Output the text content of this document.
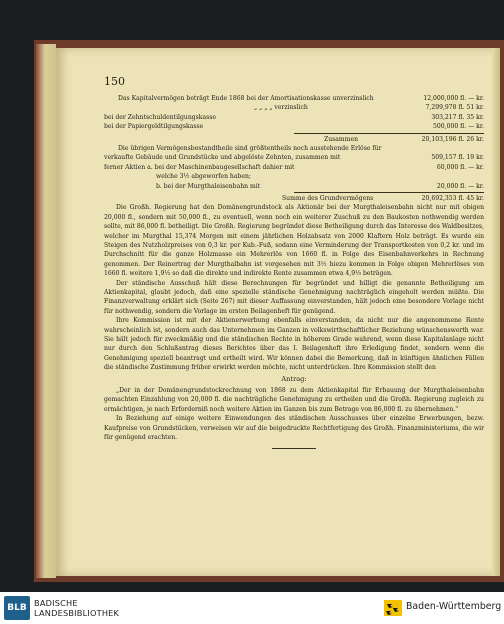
150
Das Kapitalvermögen beträgt Ende 1868 bei der Amortisationskasse unverzinslich	12,000,000 fl. — kr.
„ „ „ „ verzinslich	7,299,978 fl. 51 kr.
bei der Zehntschuldentilgungskasse	303,217 fl. 35 kr.
bei der Papiergeldtilgungskasse	500,000 fl. — kr.
Zusammen	20,103,196 fl. 26 kr.
Die übrigen Vermögensbestandtheile sind größtentheils noch ausstehende Erlöse für
verkaufte Gebäude und Grundstücke und abgelöste Zehnten, zusammen mit	509,157 fl. 19 kr.
ferner Aktien a. bei der Maschinenbaugesellschaft dahier mit	60,000 fl. — kr.
welche 3½ abgeworfen haben;
b. bei der Murgthaleisenbahn mit	20,000 fl. — kr.
Summe des Grundvermögens	20,692,353 fl. 45 kr.

Die Großh. Regierung hat den Domänengrundstock als Aktionär bei der Murgthaleisenbahn nicht nur mit obigen 20,000 fl., sondern mit 50,000 fl., zu eventuell, wenn noch ein weiterer Zuschuß zu den Baukosten nothwendig werden sollte, mit 86,000 fl. betheiligt. Die Großh. Regierung begründet diese Betheiligung durch das Interesse des Waldbesitzes, welcher im Murgthal 15,374 Morgen mit einem jährlichen Holzabsatz von 2000 Klaftern Holz beträgt. Es wurde ein Steigen des Nutzholzpreises von 0,3 kr. per Kub.-Fuß, sodann eine Verminderung der Transportkosten von 0,2 kr. und im Durchschnitt für die ganze Holzmasse ein Mehrerlös von 1660 fl. in Folge des Eisenbahnverkehrs in Rechnung genommen. Der Reinertrag der Murgthalbahn ist vorgesehen mit 3½ hiezu kommen in Folge obigen Mehrerlöses von 1660 fl. weitere 1,9⅓ so daß die direkte und indirekte Rente zusammen etwa 4,9⅓ beträgen.

Der ständische Ausschuß hält diese Berechnungen für begründet und billigt die genannte Betheiligung am Aktienkapital, glaubt jedoch, daß eine spezielle ständische Genehmigung nachträglich eingeholt werden müßte. Die Finanzverwaltung erklärt sich (Seite 267) mit dieser Auffassung einverstanden, hält jedoch eine besondere Vorlage nicht für nothwendig, sondern die Vorlage im ersten Beilagenheft für genügend.

Ihre Kommission ist mit der Aktienerwerbung ebenfalls einverstanden, da nicht nur die angenommene Rente wahrscheinlich ist, sondern auch das Unternehmen im Ganzen in volkswirthschaftlicher Beziehung wünschenswerth war. Sie hält jedoch für zweckmäßig und die ständischen Rechte in höherem Grade wahrend, wenn diese Kapitalanlage nicht nur durch den Schlußantrag dieses Berichtes über das I. Beilagenheft ihre Erledigung findet, sondern wenn die Genehmigung speziell beantragt und ertheilt wird. Wir können dabei die Bemerkung, daß in künftigen ähnlichen Fällen die ständische Zustimmung früher erwirkt werden möchte, nicht unterdrücken. Ihre Kommission stellt den

Antrag:

„Der in der Domänengrundstockrechnung von 1868 zu dem Aktienkapital für Erbauung der Murgthaleisenbahn gemachten Einzahlung von 20,000 fl. die nachträgliche Genehmigung zu ertheilen und die Großh. Regierung zugleich zu ermächtigen, je nach Erforderniß noch weitere Aktien im Ganzen bis zum Betrage von 86,000 fl. zu übernehmen."

In Beziehung auf einige weitere Einwendungen des ständischen Ausschusses über einzelne Erwerbungen, bezw. Kaufpreise von Grundstücken, verweisen wir auf die beigedruckte Rechtfertigung des Großh. Finanzministeriums, die wir für genügend erachten.

BLB BADISCHE
LANDESBIBLIOTHEK
Baden-Württemberg
